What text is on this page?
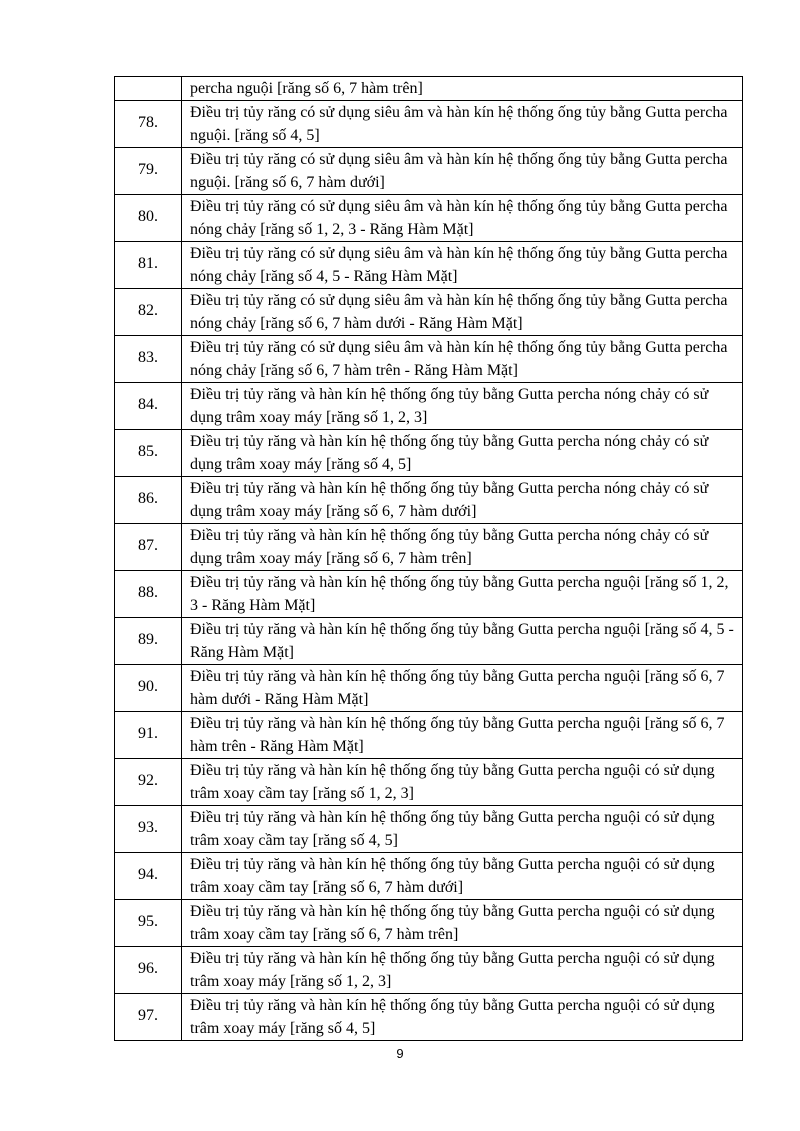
	percha nguội [răng số 6, 7 hàm trên]
78.	Điều trị tủy răng có sử dụng siêu âm và hàn kín hệ thống ống tủy bằng Gutta percha nguội. [răng số 4, 5]
79.	Điều trị tủy răng có sử dụng siêu âm và hàn kín hệ thống ống tủy bằng Gutta percha nguội. [răng số 6, 7 hàm dưới]
80.	Điều trị tủy răng có sử dụng siêu âm và hàn kín hệ thống ống tủy bằng Gutta percha nóng chảy [răng số 1, 2, 3 - Răng Hàm Mặt]
81.	Điều trị tủy răng có sử dụng siêu âm và hàn kín hệ thống ống tủy bằng Gutta percha nóng chảy [răng số 4, 5 - Răng Hàm Mặt]
82.	Điều trị tủy răng có sử dụng siêu âm và hàn kín hệ thống ống tủy bằng Gutta percha nóng chảy [răng số 6, 7 hàm dưới - Răng Hàm Mặt]
83.	Điều trị tủy răng có sử dụng siêu âm và hàn kín hệ thống ống tủy bằng Gutta percha nóng chảy [răng số 6, 7 hàm trên - Răng Hàm Mặt]
84.	Điều trị tủy răng và hàn kín hệ thống ống tủy bằng Gutta percha nóng chảy có sử dụng trâm xoay máy [răng số 1, 2, 3]
85.	Điều trị tủy răng và hàn kín hệ thống ống tủy bằng Gutta percha nóng chảy có sử dụng trâm xoay máy [răng số 4, 5]
86.	Điều trị tủy răng và hàn kín hệ thống ống tủy bằng Gutta percha nóng chảy có sử dụng trâm xoay máy [răng số 6, 7 hàm dưới]
87.	Điều trị tủy răng và hàn kín hệ thống ống tủy bằng Gutta percha nóng chảy có sử dụng trâm xoay máy [răng số 6, 7 hàm trên]
88.	Điều trị tủy răng và hàn kín hệ thống ống tủy bằng Gutta percha nguội [răng số 1, 2, 3 - Răng Hàm Mặt]
89.	Điều trị tủy răng và hàn kín hệ thống ống tủy bằng Gutta percha nguội [răng số 4, 5 - Răng Hàm Mặt]
90.	Điều trị tủy răng và hàn kín hệ thống ống tủy bằng Gutta percha nguội [răng số 6, 7 hàm dưới - Răng Hàm Mặt]
91.	Điều trị tủy răng và hàn kín hệ thống ống tủy bằng Gutta percha nguội [răng số 6, 7 hàm trên - Răng Hàm Mặt]
92.	Điều trị tủy răng và hàn kín hệ thống ống tủy bằng Gutta percha nguội có sử dụng trâm xoay cầm tay [răng số 1, 2, 3]
93.	Điều trị tủy răng và hàn kín hệ thống ống tủy bằng Gutta percha nguội có sử dụng trâm xoay cầm tay [răng số 4, 5]
94.	Điều trị tủy răng và hàn kín hệ thống ống tủy bằng Gutta percha nguội có sử dụng trâm xoay cầm tay [răng số 6, 7 hàm dưới]
95.	Điều trị tủy răng và hàn kín hệ thống ống tủy bằng Gutta percha nguội có sử dụng trâm xoay cầm tay [răng số 6, 7 hàm trên]
96.	Điều trị tủy răng và hàn kín hệ thống ống tủy bằng Gutta percha nguội có sử dụng trâm xoay máy [răng số 1, 2, 3]
97.	Điều trị tủy răng và hàn kín hệ thống ống tủy bằng Gutta percha nguội có sử dụng trâm xoay máy [răng số 4, 5]
9
